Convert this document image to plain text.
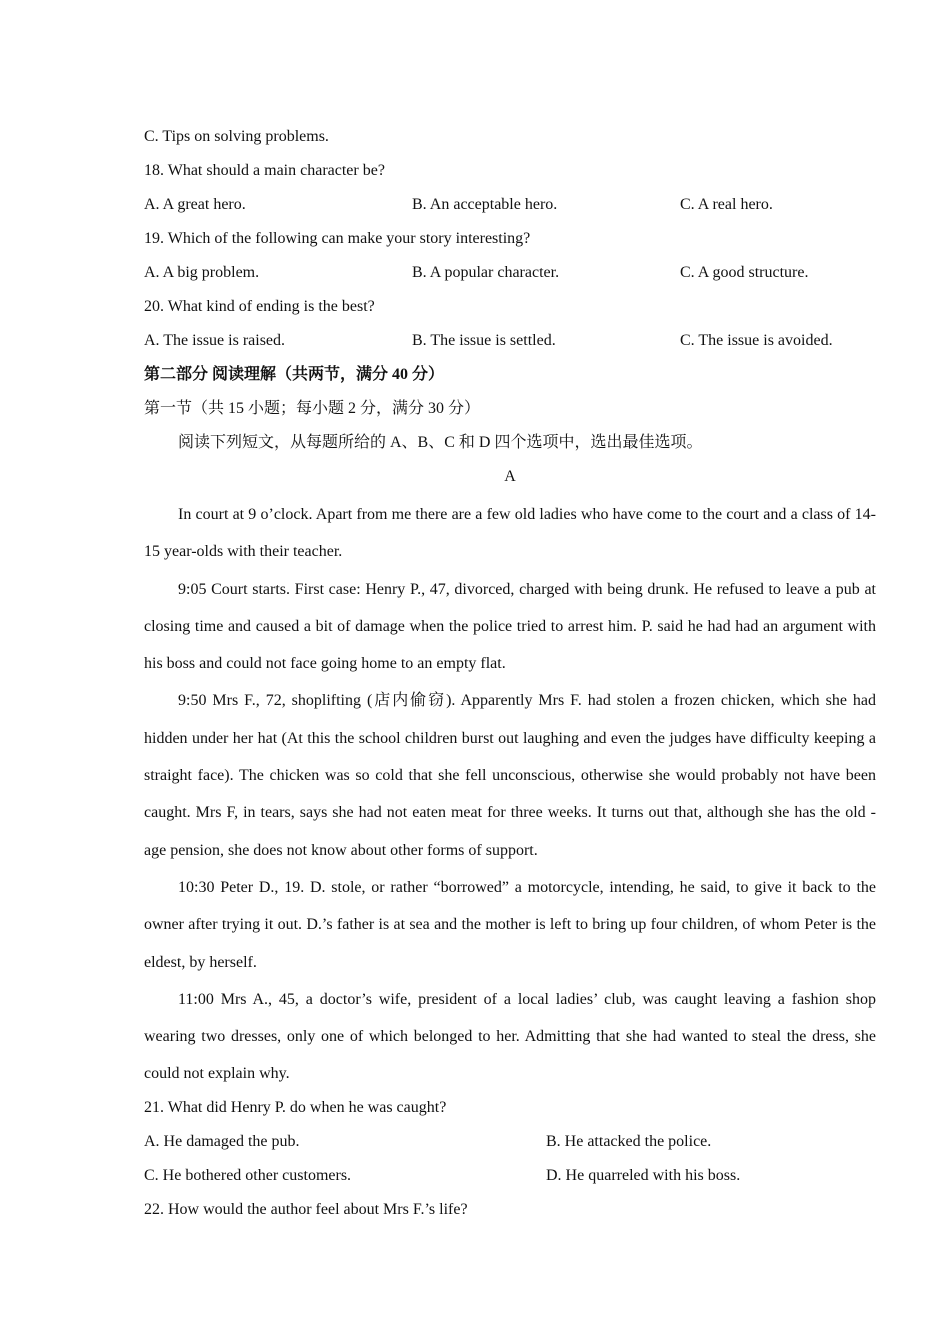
C. Tips on solving problems.
18. What should a main character be?
A. A great hero.	B. An acceptable hero.	C. A real hero.
19. Which of the following can make your story interesting?
A. A big problem.	B. A popular character.	C. A good structure.
20. What kind of ending is the best?
A. The issue is raised.	B. The issue is settled.	C. The issue is avoided.
第二部分 阅读理解（共两节，满分 40 分）
第一节（共 15 小题；每小题 2 分，满分 30 分）
阅读下列短文，从每题所给的 A、B、C 和 D 四个选项中，选出最佳选项。
A

In court at 9 o’clock. Apart from me there are a few old ladies who have come to the court and a class of 14-15 year-olds with their teacher.

9:05 Court starts. First case: Henry P., 47, divorced, charged with being drunk. He refused to leave a pub at closing time and caused a bit of damage when the police tried to arrest him. P. said he had had an argument with his boss and could not face going home to an empty flat.

9:50 Mrs F., 72, shoplifting (店内偷窃). Apparently Mrs F. had stolen a frozen chicken, which she had hidden under her hat (At this the school children burst out laughing and even the judges have difficulty keeping a straight face). The chicken was so cold that she fell unconscious, otherwise she would probably not have been caught. Mrs F, in tears, says she had not eaten meat for three weeks. It turns out that, although she has the old - age pension, she does not know about other forms of support.

10:30 Peter D., 19. D. stole, or rather “borrowed” a motorcycle, intending, he said, to give it back to the owner after trying it out. D.’s father is at sea and the mother is left to bring up four children, of whom Peter is the eldest, by herself.

11:00 Mrs A., 45, a doctor’s wife, president of a local ladies’ club, was caught leaving a fashion shop wearing two dresses, only one of which belonged to her. Admitting that she had wanted to steal the dress, she could not explain why.

21. What did Henry P. do when he was caught?
A. He damaged the pub.	B. He attacked the police.
C. He bothered other customers.	D. He quarreled with his boss.
22. How would the author feel about Mrs F.’s life?
